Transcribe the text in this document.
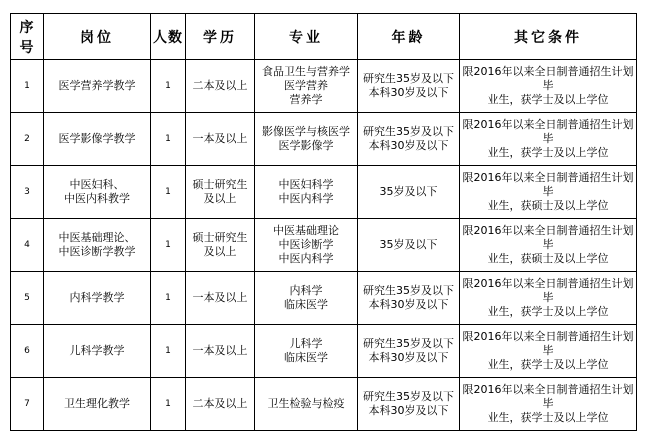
序号	岗位	人数	学历	专业	年龄	其它条件
1	医学营养学教学	1	二本及以上	食品卫生与营养学
医学营养
营养学	研究生35岁及以下
本科30岁及以下	限2016年以来全日制普通招生计划毕
业生，获学士及以上学位

2	医学影像学教学	1	一本及以上	影像医学与核医学
医学影像学	研究生35岁及以下
本科30岁及以下	限2016年以来全日制普通招生计划毕
业生，获学士及以上学位

3	中医妇科、
中医内科教学	1	硕士研究生
及以上	中医妇科学
中医内科学	35岁及以下	限2016年以来全日制普通招生计划毕
业生，获硕士及以上学位

4	中医基础理论、
中医诊断学教学	1	硕士研究生
及以上	中医基础理论
中医诊断学
中医内科学	35岁及以下	限2016年以来全日制普通招生计划毕
业生，获硕士及以上学位

5	内科学教学	1	一本及以上	内科学
临床医学	研究生35岁及以下
本科30岁及以下	限2016年以来全日制普通招生计划毕
业生，获学士及以上学位

6	儿科学教学	1	一本及以上	儿科学
临床医学	研究生35岁及以下
本科30岁及以下	限2016年以来全日制普通招生计划毕
业生，获学士及以上学位

7	卫生理化教学	1	二本及以上	卫生检验与检疫	研究生35岁及以下
本科30岁及以下	限2016年以来全日制普通招生计划毕
业生，获学士及以上学位
